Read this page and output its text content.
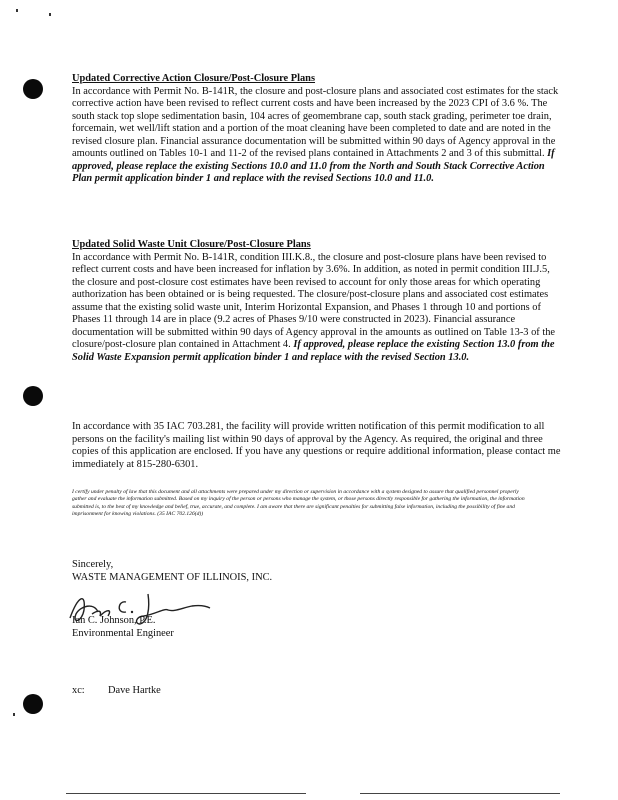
Updated Corrective Action Closure/Post-Closure Plans

In accordance with Permit No. B-141R, the closure and post-closure plans and associated cost estimates for the stack corrective action have been revised to reflect current costs and have been increased by the 2023 CPI of 3.6 %. The south stack top slope sedimentation basin, 104 acres of geomembrane cap, south stack grading, perimeter toe drain, forcemain, wet well/lift station and a portion of the moat cleaning have been completed to date and are noted in the revised closure plan. Financial assurance documentation will be submitted within 90 days of Agency approval in the amounts outlined on Tables 10-1 and 11-2 of the revised plans contained in Attachments 2 and 3 of this submittal. If approved, please replace the existing Sections 10.0 and 11.0 from the North and South Stack Corrective Action Plan permit application binder 1 and replace with the revised Sections 10.0 and 11.0.

Updated Solid Waste Unit Closure/Post-Closure Plans

In accordance with Permit No. B-141R, condition III.K.8., the closure and post-closure plans have been revised to reflect current costs and have been increased for inflation by 3.6%. In addition, as noted in permit condition III.J.5, the closure and post-closure cost estimates have been revised to account for only those areas for which operating authorization has been obtained or is being requested. The closure/post-closure plans and associated cost estimates assume that the existing solid waste unit, Interim Horizontal Expansion, and Phases 1 through 10 and portions of Phases 11 through 14 are in place (9.2 acres of Phases 9/10 were constructed in 2023). Financial assurance documentation will be submitted within 90 days of Agency approval in the amounts as outlined on Table 13-3 of the closure/post-closure plan contained in Attachment 4. If approved, please replace the existing Section 13.0 from the Solid Waste Expansion permit application binder 1 and replace with the revised Section 13.0.

In accordance with 35 IAC 703.281, the facility will provide written notification of this permit modification to all persons on the facility's mailing list within 90 days of approval by the Agency. As required, the original and three copies of this application are enclosed. If you have any questions or require additional information, please contact me immediately at 815-280-6301.

I certify under penalty of law that this document and all attachments were prepared under my direction or supervision in accordance with a system designed to assure that qualified personnel properly gather and evaluate the information submitted. Based on my inquiry of the person or persons who manage the system, or those persons directly responsible for gathering the information, the information submitted is, to the best of my knowledge and belief, true, accurate, and complete. I am aware that there are significant penalties for submitting false information, including the possibility of fine and imprisonment for knowing violations. (35 IAC 702.126(d))
Sincerely,
WASTE MANAGEMENT OF ILLINOIS, INC.
Ian C. Johnson, P.E.
Environmental Engineer
xc: Dave Hartke
